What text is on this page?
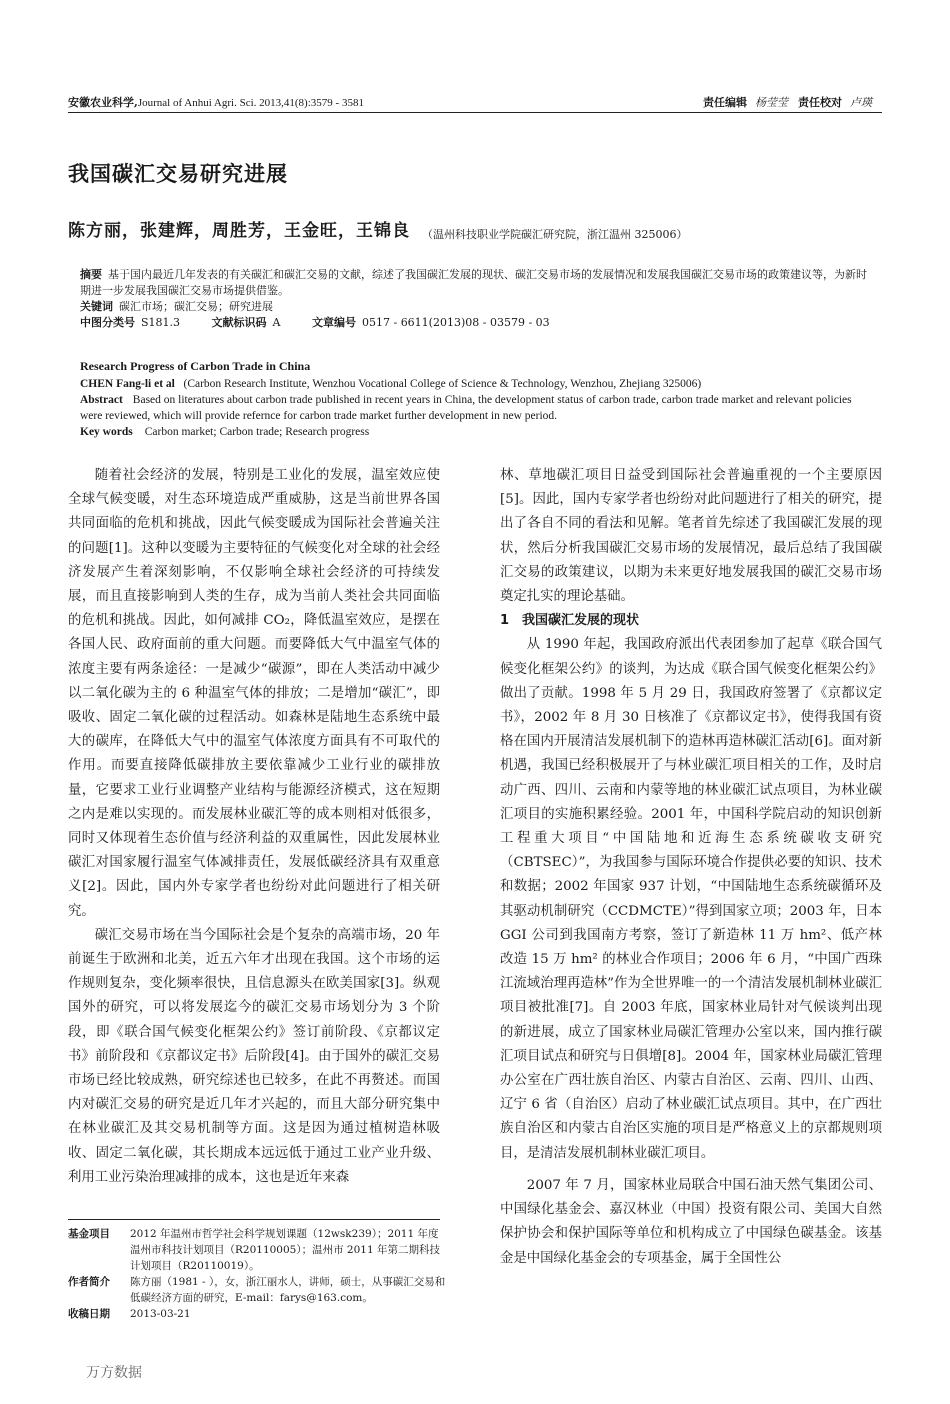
安徽农业科学,Journal of Anhui Agri. Sci. 2013,41(8):3579 - 3581	责任编辑 杨莹莹 责任校对 卢瑛
我国碳汇交易研究进展
陈方丽，张建辉，周胜芳，王金旺，王锦良 （温州科技职业学院碳汇研究院，浙江温州 325006）
摘要 基于国内最近几年发表的有关碳汇和碳汇交易的文献，综述了我国碳汇发展的现状、碳汇交易市场的发展情况和发展我国碳汇交易市场的政策建议等，为新时期进一步发展我国碳汇交易市场提供借鉴。
关键词 碳汇市场；碳汇交易；研究进展
中图分类号 S181.3	文献标识码 A	文章编号 0517 - 6611(2013)08 - 03579 - 03
Research Progress of Carbon Trade in China
CHEN Fang-li et al (Carbon Research Institute, Wenzhou Vocational College of Science & Technology, Wenzhou, Zhejiang 325006)
Abstract Based on literatures about carbon trade published in recent years in China, the development status of carbon trade, carbon trade market and relevant policies were reviewed, which will provide refernce for carbon trade market further development in new period.
Key words Carbon market; Carbon trade; Research progress

随着社会经济的发展，特别是工业化的发展，温室效应使全球气候变暖，对生态环境造成严重威胁，这是当前世界各国共同面临的危机和挑战，因此气候变暖成为国际社会普遍关注的问题[1]。这种以变暖为主要特征的气候变化对全球的社会经济发展产生着深刻影响，不仅影响全球社会经济的可持续发展，而且直接影响到人类的生存，成为当前人类社会共同面临的危机和挑战。因此，如何减排 CO₂，降低温室效应，是摆在各国人民、政府面前的重大问题。而要降低大气中温室气体的浓度主要有两条途径：一是减少“碳源”，即在人类活动中减少以二氧化碳为主的 6 种温室气体的排放；二是增加“碳汇”，即吸收、固定二氧化碳的过程活动。如森林是陆地生态系统中最大的碳库，在降低大气中的温室气体浓度方面具有不可取代的作用。而要直接降低碳排放主要依靠减少工业行业的碳排放量，它要求工业行业调整产业结构与能源经济模式，这在短期之内是难以实现的。而发展林业碳汇等的成本则相对低很多，同时又体现着生态价值与经济利益的双重属性，因此发展林业碳汇对国家履行温室气体减排责任，发展低碳经济具有双重意义[2]。因此，国内外专家学者也纷纷对此问题进行了相关研究。

碳汇交易市场在当今国际社会是个复杂的高端市场，20 年前诞生于欧洲和北美，近五六年才出现在我国。这个市场的运作规则复杂，变化频率很快，且信息源头在欧美国家[3]。纵观国外的研究，可以将发展迄今的碳汇交易市场划分为 3 个阶段，即《联合国气候变化框架公约》签订前阶段、《京都议定书》前阶段和《京都议定书》后阶段[4]。由于国外的碳汇交易市场已经比较成熟，研究综述也已较多，在此不再赘述。而国内对碳汇交易的研究是近几年才兴起的，而且大部分研究集中在林业碳汇及其交易机制等方面。这是因为通过植树造林吸收、固定二氧化碳，其长期成本远远低于通过工业产业升级、利用工业污染治理减排的成本，这也是近年来森

林、草地碳汇项目日益受到国际社会普遍重视的一个主要原因[5]。因此，国内专家学者也纷纷对此问题进行了相关的研究，提出了各自不同的看法和见解。笔者首先综述了我国碳汇发展的现状，然后分析我国碳汇交易市场的发展情况，最后总结了我国碳汇交易的政策建议，以期为未来更好地发展我国的碳汇交易市场奠定扎实的理论基础。

1　我国碳汇发展的现状

从 1990 年起，我国政府派出代表团参加了起草《联合国气候变化框架公约》的谈判，为达成《联合国气候变化框架公约》做出了贡献。1998 年 5 月 29 日，我国政府签署了《京都议定书》，2002 年 8 月 30 日核准了《京都议定书》，使得我国有资格在国内开展清洁发展机制下的造林再造林碳汇活动[6]。面对新机遇，我国已经积极展开了与林业碳汇项目相关的工作，及时启动广西、四川、云南和内蒙等地的林业碳汇试点项目，为林业碳汇项目的实施积累经验。2001 年，中国科学院启动的知识创新工程重大项目“中国陆地和近海生态系统碳收支研究（CBTSEC）”，为我国参与国际环境合作提供必要的知识、技术和数据；2002 年国家 937 计划，“中国陆地生态系统碳循环及其驱动机制研究（CCDMCTE）”得到国家立项；2003 年，日本 GGI 公司到我国南方考察，签订了新造林 11 万 hm²、低产林改造 15 万 hm² 的林业合作项目；2006 年 6 月，“中国广西珠江流域治理再造林”作为全世界唯一的一个清洁发展机制林业碳汇项目被批准[7]。自 2003 年底，国家林业局针对气候谈判出现的新进展，成立了国家林业局碳汇管理办公室以来，国内推行碳汇项目试点和研究与日俱增[8]。2004 年，国家林业局碳汇管理办公室在广西壮族自治区、内蒙古自治区、云南、四川、山西、辽宁 6 省（自治区）启动了林业碳汇试点项目。其中，在广西壮族自治区和内蒙古自治区实施的项目是严格意义上的京都规则项目，是清洁发展机制林业碳汇项目。

2007 年 7 月，国家林业局联合中国石油天然气集团公司、中国绿化基金会、嘉汉林业（中国）投资有限公司、美国大自然保护协会和保护国际等单位和机构成立了中国绿色碳基金。该基金是中国绿化基金会的专项基金，属于全国性公

基金项目	2012 年温州市哲学社会科学规划课题（12wsk239）；2011 年度温州市科技计划项目（R20110005）；温州市 2011 年第二期科技计划项目（R20110019）。
作者简介	陈方丽（1981 - ），女，浙江丽水人，讲师，硕士，从事碳汇交易和低碳经济方面的研究，E-mail：farys@163.com。
收稿日期	2013-03-21
万方数据
